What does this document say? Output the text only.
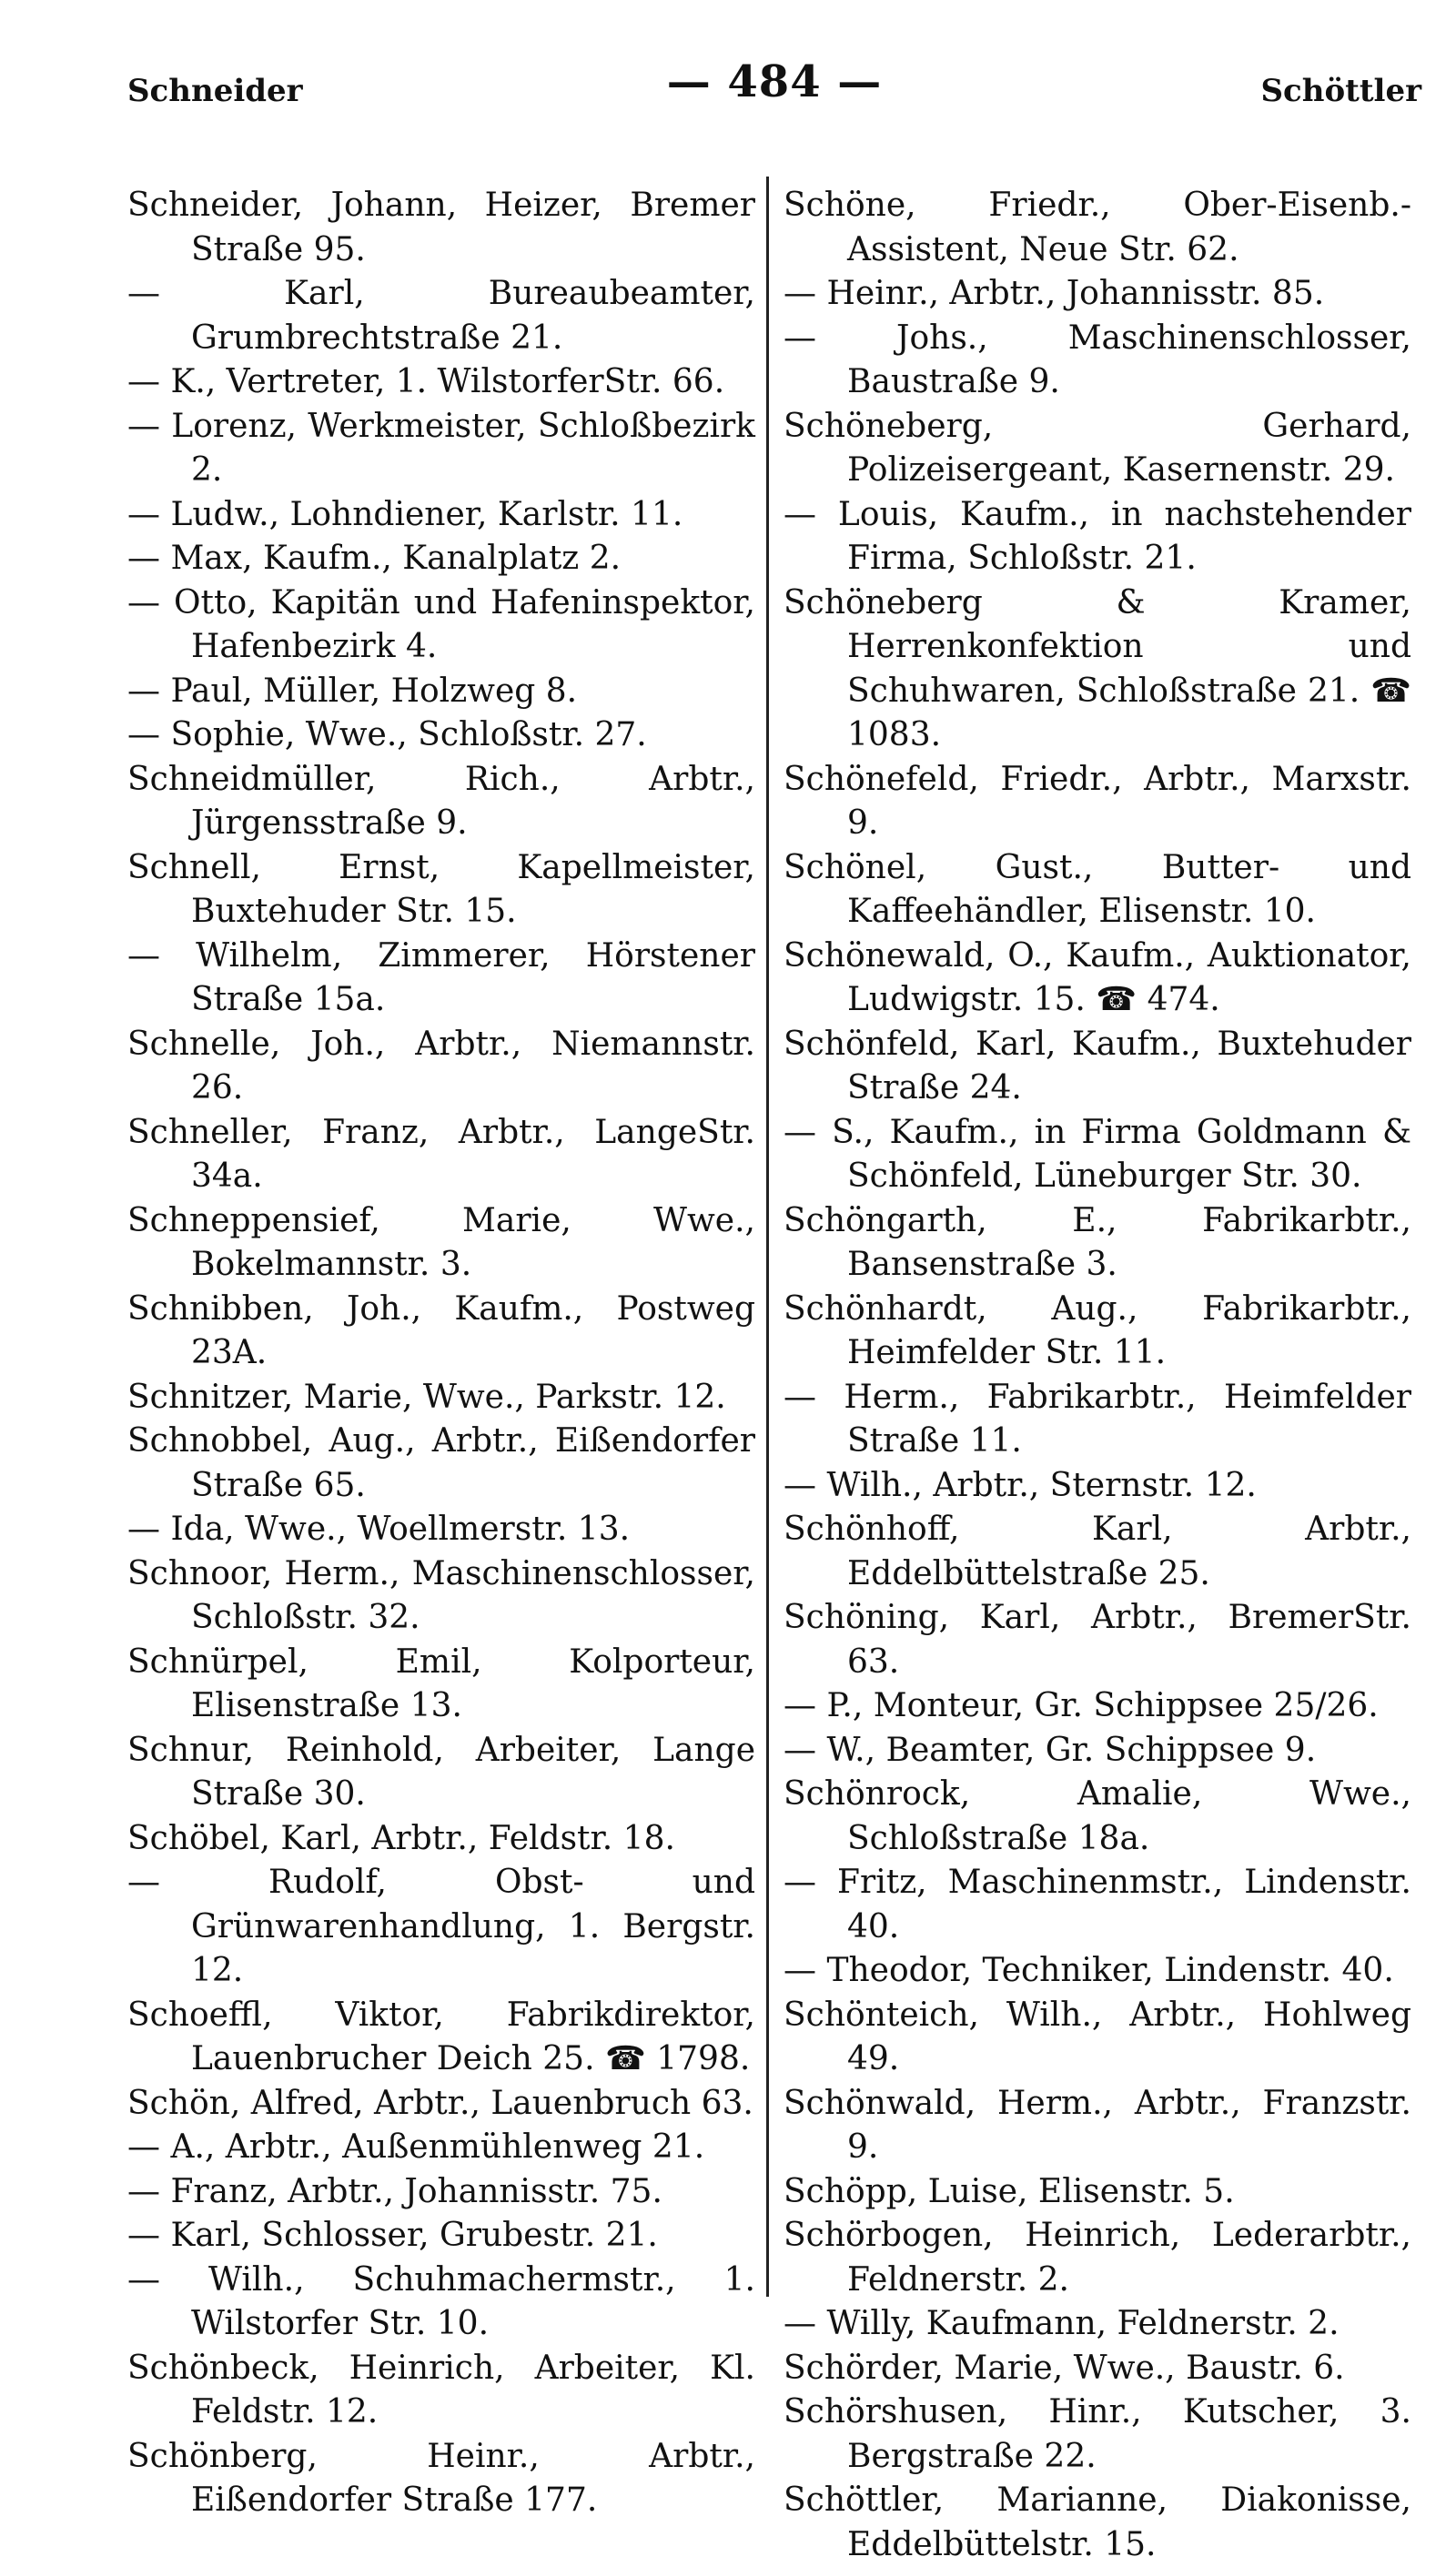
Schneider	— 484 —	Schöttler
Schneider, Johann, Heizer, Bremer Straße 95.
— Karl, Bureaubeamter, Grumbrechtstraße 21.
— K., Vertreter, 1. WilstorferStr. 66.
— Lorenz, Werkmeister, Schloßbezirk 2.
— Ludw., Lohndiener, Karlstr. 11.
— Max, Kaufm., Kanalplatz 2.
— Otto, Kapitän und Hafeninspektor, Hafenbezirk 4.
— Paul, Müller, Holzweg 8.
— Sophie, Wwe., Schloßstr. 27.
Schneidmüller, Rich., Arbtr., Jürgensstraße 9.
Schnell, Ernst, Kapellmeister, Buxtehuder Str. 15.
— Wilhelm, Zimmerer, Hörstener Straße 15a.
Schnelle, Joh., Arbtr., Niemannstr. 26.
Schneller, Franz, Arbtr., LangeStr. 34a.
Schneppensief, Marie, Wwe., Bokelmannstr. 3.
Schnibben, Joh., Kaufm., Postweg 23A.
Schnitzer, Marie, Wwe., Parkstr. 12.
Schnobbel, Aug., Arbtr., Eißendorfer Straße 65.
— Ida, Wwe., Woellmerstr. 13.
Schnoor, Herm., Maschinenschlosser, Schloßstr. 32.
Schnürpel, Emil, Kolporteur, Elisenstraße 13.
Schnur, Reinhold, Arbeiter, Lange Straße 30.
Schöbel, Karl, Arbtr., Feldstr. 18.
— Rudolf, Obst- und Grünwarenhandlung, 1. Bergstr. 12.
Schoeffl, Viktor, Fabrikdirektor, Lauenbrucher Deich 25. ☎ 1798.
Schön, Alfred, Arbtr., Lauenbruch 63.
— A., Arbtr., Außenmühlenweg 21.
— Franz, Arbtr., Johannisstr. 75.
— Karl, Schlosser, Grubestr. 21.
— Wilh., Schuhmachermstr., 1. Wilstorfer Str. 10.
Schönbeck, Heinrich, Arbeiter, Kl. Feldstr. 12.
Schönberg, Heinr., Arbtr., Eißendorfer Straße 177.
Schöne, Friedr., Ober-Eisenb.-Assistent, Neue Str. 62.
— Heinr., Arbtr., Johannisstr. 85.
— Johs., Maschinenschlosser, Baustraße 9.
Schöneberg, Gerhard, Polizeisergeant, Kasernenstr. 29.
— Louis, Kaufm., in nachstehender Firma, Schloßstr. 21.
Schöneberg & Kramer, Herrenkonfektion und Schuhwaren, Schloßstraße 21. ☎ 1083.
Schönefeld, Friedr., Arbtr., Marxstr. 9.
Schönel, Gust., Butter- und Kaffeehändler, Elisenstr. 10.
Schönewald, O., Kaufm., Auktionator, Ludwigstr. 15. ☎ 474.
Schönfeld, Karl, Kaufm., Buxtehuder Straße 24.
— S., Kaufm., in Firma Goldmann & Schönfeld, Lüneburger Str. 30.
Schöngarth, E., Fabrikarbtr., Bansenstraße 3.
Schönhardt, Aug., Fabrikarbtr., Heimfelder Str. 11.
— Herm., Fabrikarbtr., Heimfelder Straße 11.
— Wilh., Arbtr., Sternstr. 12.
Schönhoff, Karl, Arbtr., Eddelbüttelstraße 25.
Schöning, Karl, Arbtr., BremerStr. 63.
— P., Monteur, Gr. Schippsee 25/26.
— W., Beamter, Gr. Schippsee 9.
Schönrock, Amalie, Wwe., Schloßstraße 18a.
— Fritz, Maschinenmstr., Lindenstr. 40.
— Theodor, Techniker, Lindenstr. 40.
Schönteich, Wilh., Arbtr., Hohlweg 49.
Schönwald, Herm., Arbtr., Franzstr. 9.
Schöpp, Luise, Elisenstr. 5.
Schörbogen, Heinrich, Lederarbtr., Feldnerstr. 2.
— Willy, Kaufmann, Feldnerstr. 2.
Schörder, Marie, Wwe., Baustr. 6.
Schörshusen, Hinr., Kutscher, 3. Bergstraße 22.
Schöttler, Marianne, Diakonisse, Eddelbüttelstr. 15.
